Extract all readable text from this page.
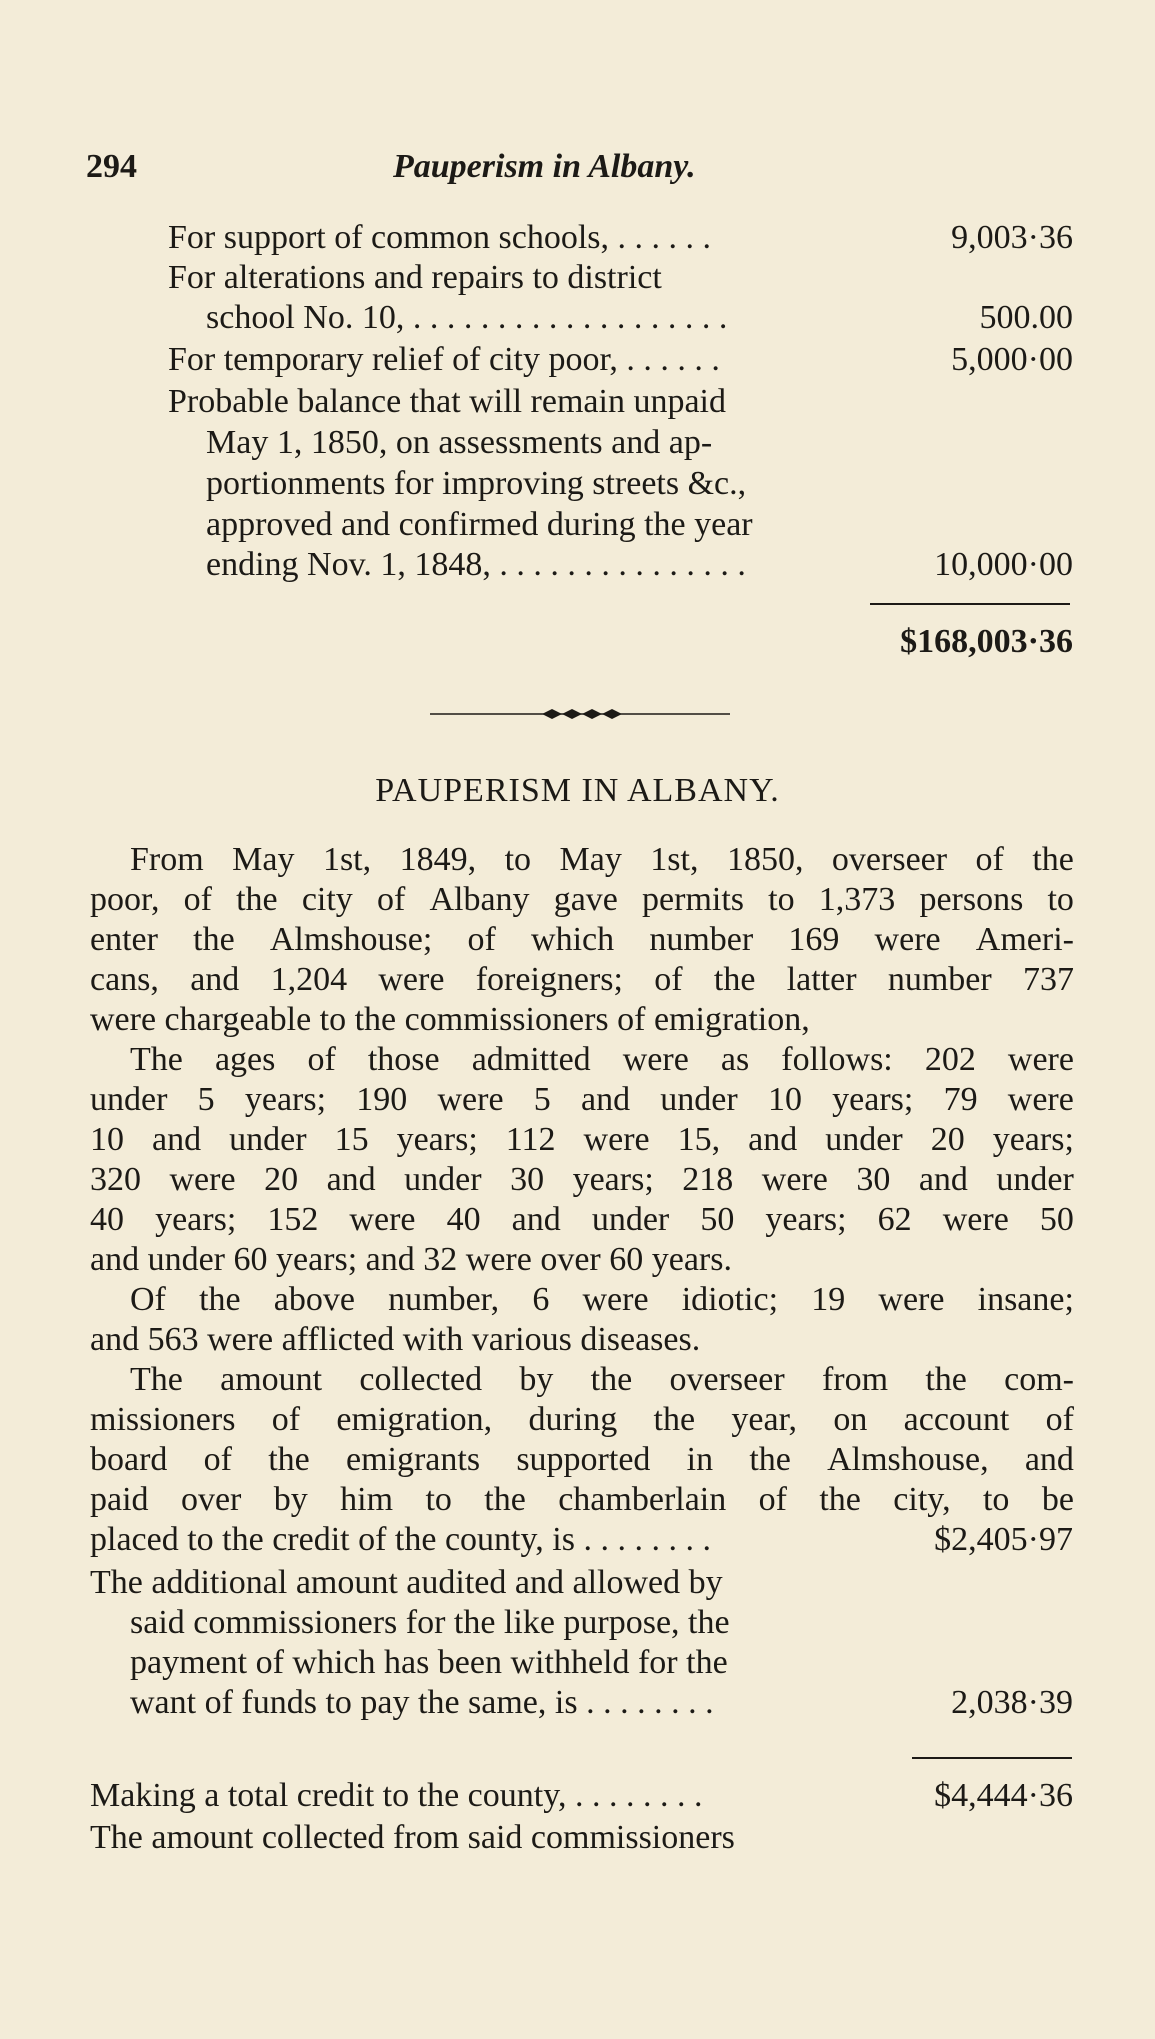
294	Pauperism in Albany.
For support of common schools, . . . . . .	9,003·36
For alterations and repairs to district
school No. 10, . . . . . . . . . . . . . . . . . . .	500.00
For temporary relief of city poor, . . . . . .	5,000·00
Probable balance that will remain unpaid
May 1, 1850, on assessments and ap-
portionments for improving streets &c.,
approved and confirmed during the year
ending Nov. 1, 1848, . . . . . . . . . . . . . . .	10,000·00
$168,003·36
PAUPERISM IN ALBANY.
From May 1st, 1849, to May 1st, 1850, overseer of the
poor, of the city of Albany gave permits to 1,373 persons to
enter the Almshouse; of which number 169 were Ameri-
cans, and 1,204 were foreigners; of the latter number 737
were chargeable to the commissioners of emigration,
The ages of those admitted were as follows: 202 were
under 5 years; 190 were 5 and under 10 years; 79 were
10 and under 15 years; 112 were 15, and under 20 years;
320 were 20 and under 30 years; 218 were 30 and under
40 years; 152 were 40 and under 50 years; 62 were 50
and under 60 years; and 32 were over 60 years.
Of the above number, 6 were idiotic; 19 were insane;
and 563 were afflicted with various diseases.
The amount collected by the overseer from the com-
missioners of emigration, during the year, on account of
board of the emigrants supported in the Almshouse, and
paid over by him to the chamberlain of the city, to be
placed to the credit of the county, is . . . . . . . .	$2,405·97
The additional amount audited and allowed by
said commissioners for the like purpose, the
payment of which has been withheld for the
want of funds to pay the same, is . . . . . . . .	2,038·39
Making a total credit to the county, . . . . . . . .	$4,444·36
The amount collected from said commissioners
